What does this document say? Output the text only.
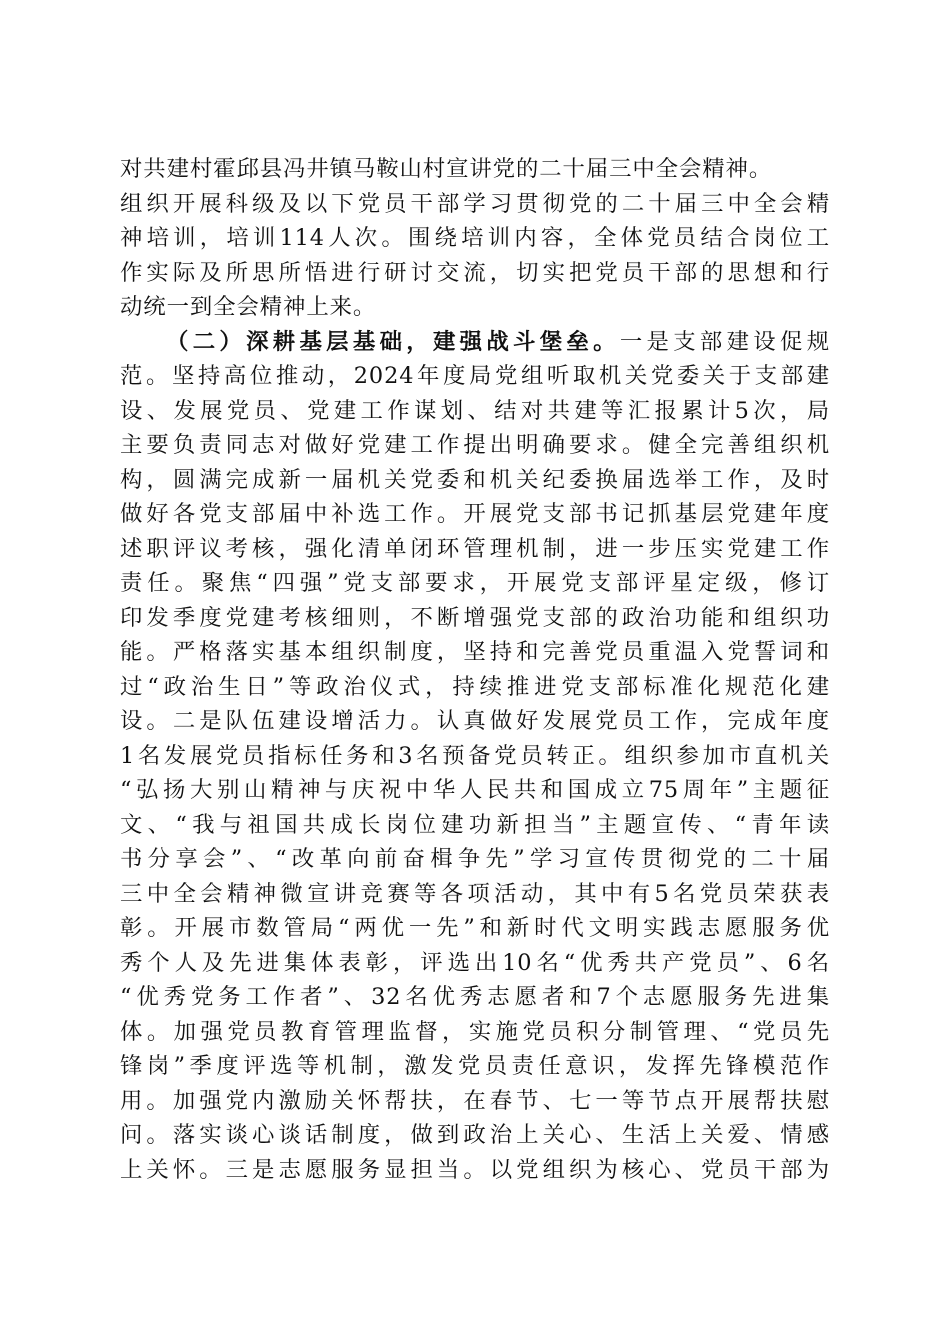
对共建村霍邱县冯井镇马鞍山村宣讲党的二十届三中全会精神。
组织开展科级及以下党员干部学习贯彻党的二十届三中全会精
神培训，培训114人次。围绕培训内容，全体党员结合岗位工
作实际及所思所悟进行研讨交流，切实把党员干部的思想和行
动统一到全会精神上来。
（二）深耕基层基础，建强战斗堡垒。一是支部建设促规
范。坚持高位推动，2024年度局党组听取机关党委关于支部建
设、发展党员、党建工作谋划、结对共建等汇报累计5次，局
主要负责同志对做好党建工作提出明确要求。健全完善组织机
构，圆满完成新一届机关党委和机关纪委换届选举工作，及时
做好各党支部届中补选工作。开展党支部书记抓基层党建年度
述职评议考核，强化清单闭环管理机制，进一步压实党建工作
责任。聚焦“四强”党支部要求，开展党支部评星定级，修订
印发季度党建考核细则，不断增强党支部的政治功能和组织功
能。严格落实基本组织制度，坚持和完善党员重温入党誓词和
过“政治生日”等政治仪式，持续推进党支部标准化规范化建
设。二是队伍建设增活力。认真做好发展党员工作，完成年度
1名发展党员指标任务和3名预备党员转正。组织参加市直机关
“弘扬大别山精神与庆祝中华人民共和国成立75周年”主题征
文、“我与祖国共成长岗位建功新担当”主题宣传、“青年读
书分享会”、“改革向前奋楫争先”学习宣传贯彻党的二十届
三中全会精神微宣讲竞赛等各项活动，其中有5名党员荣获表
彰。开展市数管局“两优一先”和新时代文明实践志愿服务优
秀个人及先进集体表彰，评选出10名“优秀共产党员”、6名
“优秀党务工作者”、32名优秀志愿者和7个志愿服务先进集
体。加强党员教育管理监督，实施党员积分制管理、“党员先
锋岗”季度评选等机制，激发党员责任意识，发挥先锋模范作
用。加强党内激励关怀帮扶，在春节、七一等节点开展帮扶慰
问。落实谈心谈话制度，做到政治上关心、生活上关爱、情感
上关怀。三是志愿服务显担当。以党组织为核心、党员干部为
